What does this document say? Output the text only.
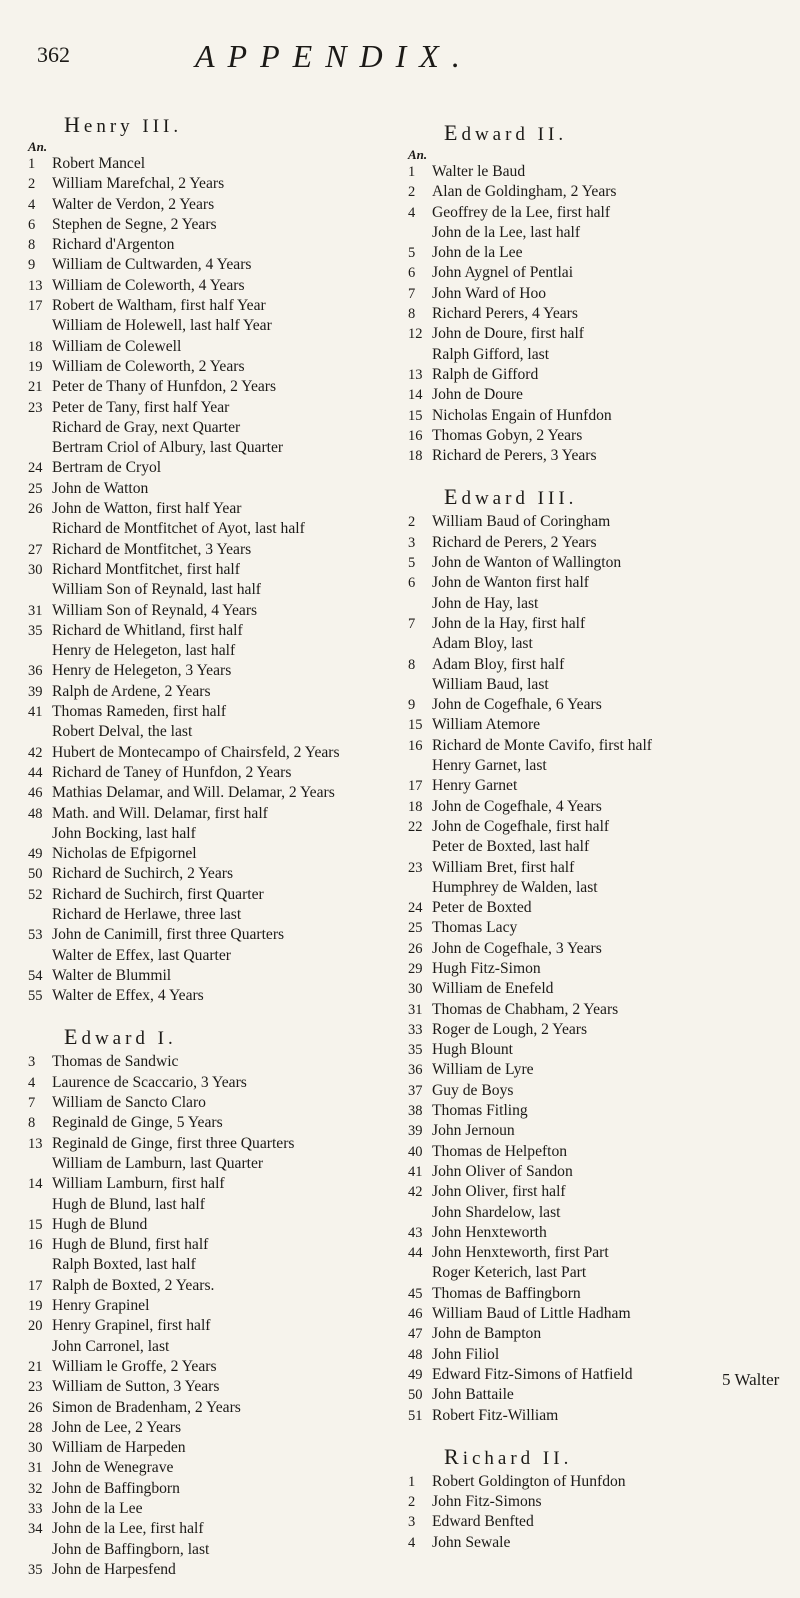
362	APPENDIX.
Henry III.
An.
1	Robert Mancel
2	William Marefchal, 2 Years
4	Walter de Verdon, 2 Years
6	Stephen de Segne, 2 Years
8	Richard d'Argenton
9	William de Cultwarden, 4 Years
13 William de Coleworth, 4 Years
17 Robert de Waltham, first half Year
William de Holewell, last half Year
18 William de Colewell
19 William de Coleworth, 2 Years
21 Peter de Thany of Hunfdon, 2 Years
23 Peter de Tany, first half Year
Richard de Gray, next Quarter
Bertram Criol of Albury, last Quarter
24 Bertram de Cryol
25 John de Watton
26 John de Watton, first half Year
Richard de Montfitchet of Ayot, last half
27 Richard de Montfitchet, 3 Years
30 Richard Montfitchet, first half
William Son of Reynald, last half
31 William Son of Reynald, 4 Years
35 Richard de Whitland, first half
Henry de Helegeton, last half
36 Henry de Helegeton, 3 Years
39 Ralph de Ardene, 2 Years
41 Thomas Rameden, first half
Robert Delval, the last
42 Hubert de Montecampo of Chairsfeld, 2 Years
44 Richard de Taney of Hunfdon, 2 Years
46 Mathias Delamar, and Will. Delamar, 2 Years
48 Math. and Will. Delamar, first half
John Bocking, last half
49 Nicholas de Efpigornel
50 Richard de Suchirch, 2 Years
52 Richard de Suchirch, first Quarter
Richard de Herlawe, three last
53 John de Canimill, first three Quarters
Walter de Effex, last Quarter
54 Walter de Blummil
55 Walter de Effex, 4 Years
Edward I.
3	Thomas de Sandwic
4	Laurence de Scaccario, 3 Years
7	William de Sancto Claro
8	Reginald de Ginge, 5 Years
13 Reginald de Ginge, first three Quarters
William de Lamburn, last Quarter
14 William Lamburn, first half
Hugh de Blund, last half
15 Hugh de Blund
16 Hugh de Blund, first half
Ralph Boxted, last half
17 Ralph de Boxted, 2 Years.
19 Henry Grapinel
20 Henry Grapinel, first half
John Carronel, last
21 William le Groffe, 2 Years
23 William de Sutton, 3 Years
26 Simon de Bradenham, 2 Years
28 John de Lee, 2 Years
30 William de Harpeden
31 John de Wenegrave
32 John de Baffingborn
33 John de la Lee
34 John de la Lee, first half
John de Baffingborn, last
35 John de Harpesfend
Edward II.
An.
1	Walter le Baud
2	Alan de Goldingham, 2 Years
4	Geoffrey de la Lee, first half
John de la Lee, last half
5	John de la Lee
6	John Aygnel of Pentlai
7	John Ward of Hoo
8	Richard Perers, 4 Years
12 John de Doure, first half
Ralph Gifford, last
13 Ralph de Gifford
14 John de Doure
15 Nicholas Engain of Hunfdon
16 Thomas Gobyn, 2 Years
18 Richard de Perers, 3 Years
Edward III.
2	William Baud of Coringham
3	Richard de Perers, 2 Years
5	John de Wanton of Wallington
6	John de Wanton first half
John de Hay, last
7	John de la Hay, first half
Adam Bloy, last
8	Adam Bloy, first half
William Baud, last
9	John de Cogefhale, 6 Years
15 William Atemore
16 Richard de Monte Cavifo, first half
Henry Garnet, last
17 Henry Garnet
18 John de Cogefhale, 4 Years
22 John de Cogefhale, first half
Peter de Boxted, last half
23 William Bret, first half
Humphrey de Walden, last
24 Peter de Boxted
25 Thomas Lacy
26 John de Cogefhale, 3 Years
29 Hugh Fitz-Simon
30 William de Enefeld
31 Thomas de Chabham, 2 Years
33 Roger de Lough, 2 Years
35 Hugh Blount
36 William de Lyre
37 Guy de Boys
38 Thomas Fitling
39 John Jernoun
40 Thomas de Helpefton
41 John Oliver of Sandon
42 John Oliver, first half
John Shardelow, last
43 John Henxteworth
44 John Henxteworth, first Part
Roger Keterich, last Part
45 Thomas de Baffingborn
46 William Baud of Little Hadham
47 John de Bampton
48 John Filiol
49 Edward Fitz-Simons of Hatfield
50 John Battaile
51 Robert Fitz-William
Richard II.
1	Robert Goldington of Hunfdon
2	John Fitz-Simons
3	Edward Benfted
4	John Sewale
5 Walter
